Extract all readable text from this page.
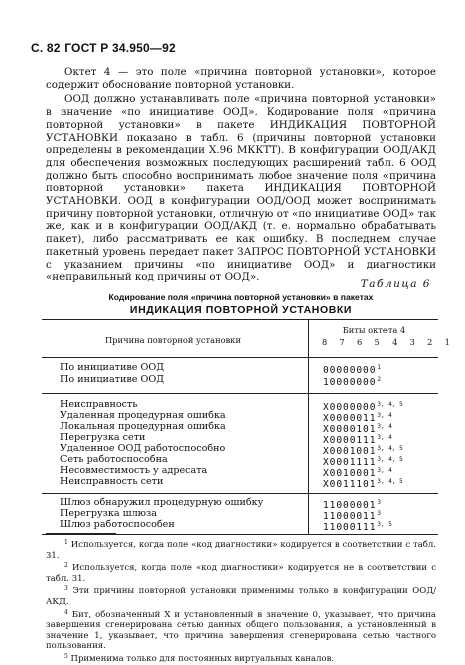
С. 82 ГОСТ Р 34.950—92

Октет 4 — это поле «причина повторной установки», которое содержит обоснование повторной установки.

ООД должно устанавливать поле «причина повторной установки» в значение «по инициативе ООД». Кодирование поля «причина повторной установки» в пакете ИНДИКАЦИЯ ПОВТОРНОЙ УСТАНОВКИ показано в табл. 6 (причины повторной установки определены в рекомендации Х.96 МККТТ). В конфигурации ООД/АКД для обеспечения возможных последующих расширений табл. 6 ООД должно быть способно воспринимать любое значение поля «причина повторной установки» пакета ИНДИКАЦИЯ ПОВТОРНОЙ УСТАНОВКИ. ООД в конфигурации ООД/ООД может воспринимать причину повторной установки, отличную от «по инициативе ООД» так же, как и в конфигурации ООД/АКД (т. е. нормально обрабатывать пакет), либо рассматривать ее как ошибку. В последнем случае пакетный уровень передает пакет ЗАПРОС ПОВТОРНОЙ УСТАНОВКИ с указанием причины «по инициативе ООД» и диагностики «неправильный код причины от ООД».

Таблица 6
Кодирование поля «причина повторной установки» в пакетах
ИНДИКАЦИЯ ПОВТОРНОЙ УСТАНОВКИ
Причина повторной установки
Биты октета 4
8 7 6 5 4 3 2 1
По инициативе ООД	00000000$^1$
По инициативе ООД	10000000$^2$
Неисправность	X0000000$^{3, 4, 5}$
Удаленная процедурная ошибка	X0000011$^{3, 4}$
Локальная процедурная ошибка	X0000101$^{3, 4}$
Перегрузка сети	X0000111$^{3, 4}$
Удаленное ООД работоспособно	X0001001$^{3, 4, 5}$
Сеть работоспособна	X0001111$^{3, 4, 5}$
Несовместимость у адресата	X0010001$^{3, 4}$
Неисправность сети	X0011101$^{3, 4, 5}$
Шлюз обнаружил процедурную ошибку	11000001$^3$
Перегрузка шлюза	11000011$^3$
Шлюз работоспособен	11000111$^{3, 5}$

$^1$ Используется, когда поле «код диагностики» кодируется в соответствии с табл. 31.

$^2$ Используется, когда поле «код диагностики» кодируется не в соответствии с табл. 31.

$^3$ Эти причины повторной установки применимы только в конфигурации ООД/АКД.

$^4$ Бит, обозначенный X и установленный в значение 0, указывает, что причина завершения сгенерирована сетью данных общего пользования, а установленный в значение 1, указывает, что причина завершения сгенерирована сетью частного пользования.

$^5$ Применима только для постоянных виртуальных каналов.
